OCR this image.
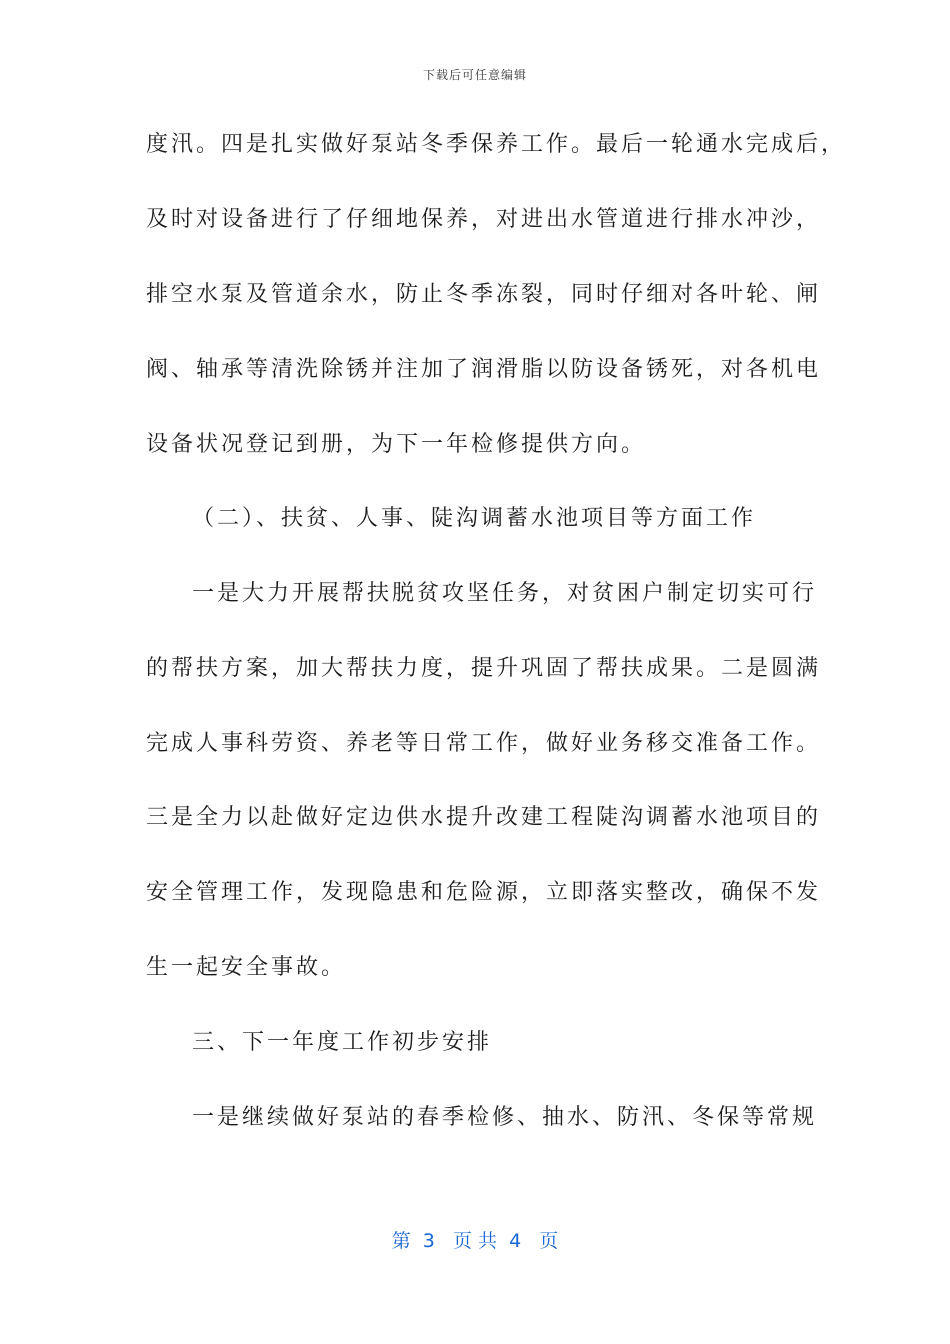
下载后可任意编辑
度汛。四是扎实做好泵站冬季保养工作。最后一轮通水完成后，
及时对设备进行了仔细地保养，对进出水管道进行排水冲沙，
排空水泵及管道余水，防止冬季冻裂，同时仔细对各叶轮、闸
阀、轴承等清洗除锈并注加了润滑脂以防设备锈死，对各机电
设备状况登记到册，为下一年检修提供方向。
（二）、扶贫、人事、陡沟调蓄水池项目等方面工作
一是大力开展帮扶脱贫攻坚任务，对贫困户制定切实可行
的帮扶方案，加大帮扶力度，提升巩固了帮扶成果。二是圆满
完成人事科劳资、养老等日常工作，做好业务移交准备工作。
三是全力以赴做好定边供水提升改建工程陡沟调蓄水池项目的
安全管理工作，发现隐患和危险源，立即落实整改，确保不发
生一起安全事故。
三、下一年度工作初步安排
一是继续做好泵站的春季检修、抽水、防汛、冬保等常规
第  3   页 共  4   页
